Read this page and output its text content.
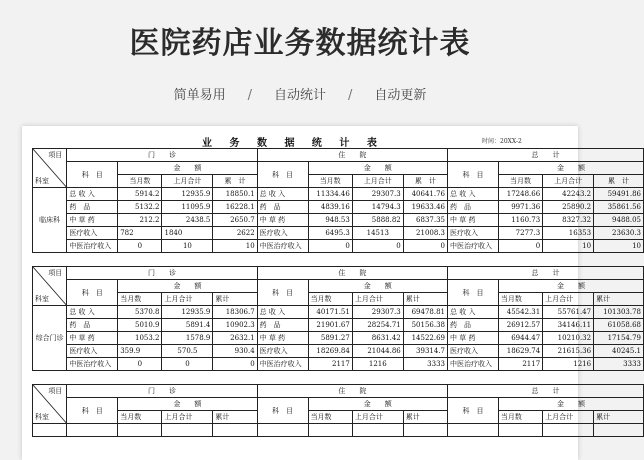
医院药店业务数据统计表
简单易用 / 自动统计 / 自动更新
业 务 数 据 统 计 表	时间：20XX-2
项目
科室	门　　诊				住　　院				总　　计			
	科　目	金　　额			科　目	金　　额			科　目	金　　额		
		当月数	上月合计	累　计		当月数	上月合计	累　计		当月数	上月合计	累　计
临床科	总 收 入	5914.2	12935.9	18850.1	总 收 入	11334.46	29307.3	40641.76	总 收 入	17248.66	42243.2	59491.86
	药　品	5132.2	11095.9	16228.1	药　品	4839.16	14794.3	19633.46	药　品	9971.36	25890.2	35861.56
	中 草 药	212.2	2438.5	2650.7	中 草 药	948.53	5888.82	6837.35	中 草 药	1160.73	8327.32	9488.05
	医疗收入	782	1840	2622	医疗收入	6495.3	14513	21008.3	医疗收入	7277.3	16353	23630.3
	中医治疗收入	0	10	10	中医治疗收入	0	0	0	中医治疗收入	0	10	10
项目
科室	门　　诊				住　　院				总　　计			
	科　目	金　　额			科　目	金　　额			科　目	金　　额		
		当月数	上月合计	累计		当月数	上月合计	累计		当月数	上月合计	累计
综合门诊	总 收 入	5370.8	12935.9	18306.7	总 收 入	40171.51	29307.3	69478.81	总 收 入	45542.31	55761.47	101303.78
	药　品	5010.9	5891.4	10902.3	药　品	21901.67	28254.71	50156.38	药　品	26912.57	34146.11	61058.68
	中 草 药	1053.2	1578.9	2632.1	中 草 药	5891.27	8631.42	14522.69	中 草 药	6944.47	10210.32	17154.79
	医疗收入	359.9	570.5	930.4	医疗收入	18269.84	21044.86	39314.7	医疗收入	18629.74	21615.36	40245.1
	中医治疗收入	0	0	0	中医治疗收入	2117	1216	3333	中医治疗收入	2117	1216	3333
项目
科室	门　　诊				住　　院				总　　计			
	科　目	金　　额			科　目	金　　额			科　目	金　　额		
		当月数	上月合计	累计		当月数	上月合计	累计		当月数	上月合计	累计
